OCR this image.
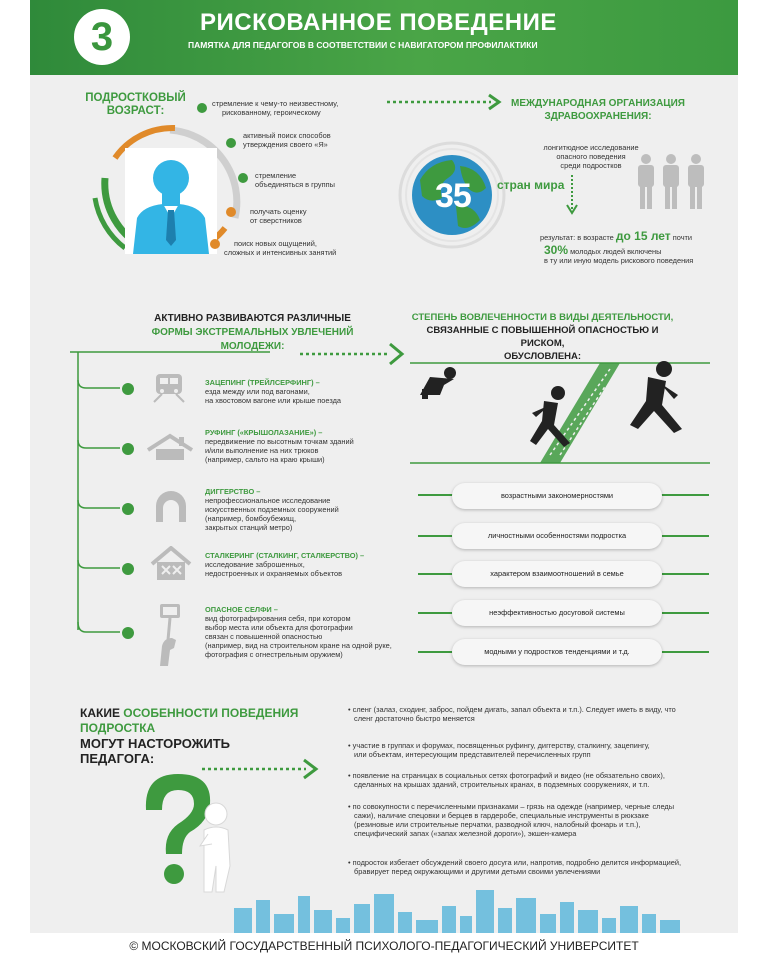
3	РИСКОВАННОЕ ПОВЕДЕНИЕ
ПАМЯТКА ДЛЯ ПЕДАГОГОВ В СООТВЕТСТВИИ С НАВИГАТОРОМ ПРОФИЛАКТИКИ
ПОДРОСТКОВЫЙ
ВОЗРАСТ:
стремление к чему-то неизвестному,
рискованному, героическому
активный поиск способов
утверждения своего «Я»
стремление
объединяться в группы
получать оценку
от сверстников
поиск новых ощущений,
сложных и интенсивных занятий
МЕЖДУНАРОДНАЯ ОРГАНИЗАЦИЯ
ЗДРАВООХРАНЕНИЯ:
лонгитюдное исследование
опасного поведения
среди подростков
35 стран мира
результат: в возрасте до 15 лет почти
30% молодых людей включены
в ту или иную модель рискового поведения
АКТИВНО РАЗВИВАЮТСЯ РАЗЛИЧНЫЕ
ФОРМЫ ЭКСТРЕМАЛЬНЫХ УВЛЕЧЕНИЙ МОЛОДЕЖИ:
ЗАЦЕПИНГ (ТРЕЙЛСЕРФИНГ) –
езда между или под вагонами,
на хвостовом вагоне или крыше поезда
РУФИНГ («КРЫШОЛАЗАНИЕ») –
передвижение по высотным точкам зданий
и/или выполнение на них трюков
(например, сальто на краю крыши)
ДИГГЕРСТВО –
непрофессиональное исследование
искусственных подземных сооружений
(например, бомбоубежищ,
закрытых станций метро)
СТАЛКЕРИНГ (СТАЛКИНГ, СТАЛКЕРСТВО) –
исследование заброшенных,
недостроенных и охраняемых объектов
ОПАСНОЕ СЕЛФИ –
вид фотографирования себя, при котором
выбор места или объекта для фотографии
связан с повышенной опасностью
(например, вид на строительном кране на одной руке,
фотография с огнестрельным оружием)
СТЕПЕНЬ ВОВЛЕЧЕННОСТИ В ВИДЫ ДЕЯТЕЛЬНОСТИ,
СВЯЗАННЫЕ С ПОВЫШЕННОЙ ОПАСНОСТЬЮ И РИСКОМ,
ОБУСЛОВЛЕНА:
возрастными закономерностями
личностными особенностями подростка
характером взаимоотношений в семье
неэффективностью досуговой системы
модными у подростков тенденциями и т.д.
КАКИЕ ОСОБЕННОСТИ ПОВЕДЕНИЯ
ПОДРОСТКА
МОГУТ НАСТОРОЖИТЬ
ПЕДАГОГА:
• сленг (залаз, сходинг, заброс, пойдем дигать, запал объекта и т.п.). Следует иметь в виду, что
сленг достаточно быстро меняется
• участие в группах и форумах, посвященных руфингу, диггерству, сталкингу, зацепингу,
или объектам, интересующим представителей перечисленных групп
• появление на страницах в социальных сетях фотографий и видео (не обязательно своих),
сделанных на крышах зданий, строительных кранах, в подземных сооружениях, и т.п.
• по совокупности с перечисленными признаками – грязь на одежде (например, черные следы
сажи), наличие спецовки и берцев в гардеробе, специальные инструменты в рюкзаке
(резиновые или строительные перчатки, разводной ключ, налобный фонарь и т.п.),
специфический запах («запах железной дороги»), экшен-камера
• подросток избегает обсуждений своего досуга или, напротив, подробно делится информацией,
бравирует перед окружающими и другими детьми своими увлечениями
© МОСКОВСКИЙ ГОСУДАРСТВЕННЫЙ ПСИХОЛОГО-ПЕДАГОГИЧЕСКИЙ УНИВЕРСИТЕТ
